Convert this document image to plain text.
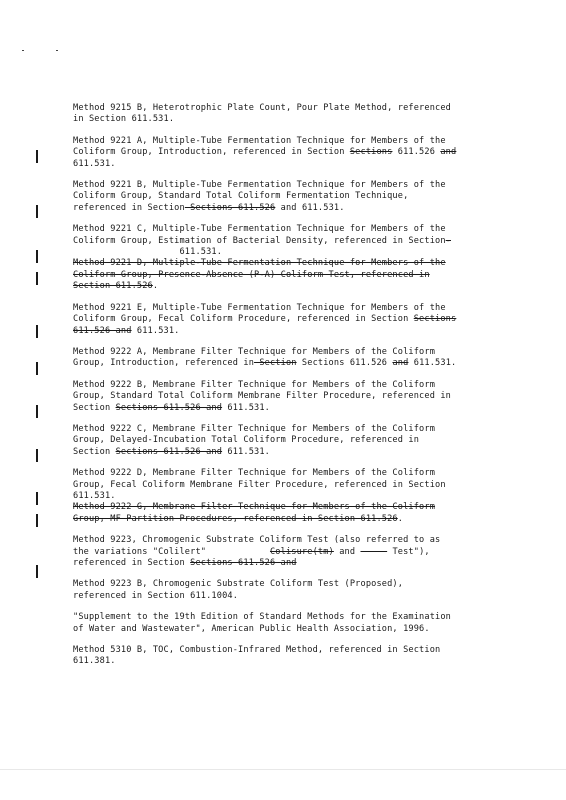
Method 9215 B, Heterotrophic Plate Count, Pour Plate Method, referenced
in Section 611.531.
Method 9221 A, Multiple-Tube Fermentation Technique for Members of the
Coliform Group, Introduction, referenced in Section Sections 611.526 and
611.531.
Method 9221 B, Multiple-Tube Fermentation Technique for Members of the
Coliform Group, Standard Total Coliform Fermentation Technique,
referenced in Section Sections 611.526 and 611.531.
Method 9221 C, Multiple-Tube Fermentation Technique for Members of the
Coliform Group, Estimation of Bacterial Density, referenced in Section-
611.531.
Method 9221 D, Multiple-Tube Fermentation Technique for Members of the
Coliform Group, Presence-Absence (P-A) Coliform Test, referenced in
Section 611.526.
Method 9221 E, Multiple-Tube Fermentation Technique for Members of the
Coliform Group, Fecal Coliform Procedure, referenced in Section Sections
611.526 and 611.531.
Method 9222 A, Membrane Filter Technique for Members of the Coliform
Group, Introduction, referenced in Section Sections 611.526 and 611.531.
Method 9222 B, Membrane Filter Technique for Members of the Coliform
Group, Standard Total Coliform Membrane Filter Procedure, referenced in
Section Sections 611.526 and 611.531.
Method 9222 C, Membrane Filter Technique for Members of the Coliform
Group, Delayed-Incubation Total Coliform Procedure, referenced in
Section Sections 611.526 and 611.531.
Method 9222 D, Membrane Filter Technique for Members of the Coliform
Group, Fecal Coliform Membrane Filter Procedure, referenced in Section
611.531.
Method 9222 G, Membrane Filter Technique for Members of the Coliform
Group, MF Partition Procedures, referenced in Section 611.526.
Method 9223, Chromogenic Substrate Coliform Test (also referred to as
the variations "Colilert"            Colisure(tm) and	Test"),
referenced in Section Sections 611.526 and
Method 9223 B, Chromogenic Substrate Coliform Test (Proposed),
referenced in Section 611.1004.
"Supplement to the 19th Edition of Standard Methods for the Examination
of Water and Wastewater", American Public Health Association, 1996.
Method 5310 B, TOC, Combustion-Infrared Method, referenced in Section
611.381.
